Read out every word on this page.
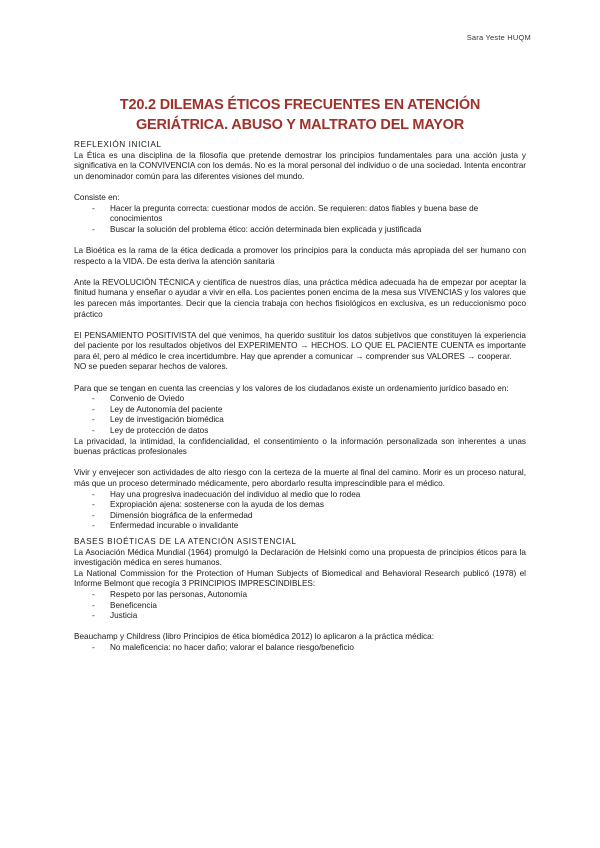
Sara Yeste HUQM
T20.2 DILEMAS ÉTICOS FRECUENTES EN ATENCIÓN GERIÁTRICA. ABUSO Y MALTRATO DEL MAYOR
REFLEXIÓN INICIAL

La Ética es una disciplina de la filosofía que pretende demostrar los principios fundamentales para una acción justa y significativa en la CONVIVENCIA con los demás. No es la moral personal del individuo o de una sociedad. Intenta encontrar un denominador común para las diferentes visiones del mundo.

Consiste en:

- Hacer la pregunta correcta: cuestionar modos de acción. Se requieren: datos fiables y buena base de conocimientos
- Buscar la solución del problema ético: acción determinada bien explicada y justificada

La Bioética es la rama de la ética dedicada a promover los principios para la conducta más apropiada del ser humano con respecto a la VIDA. De esta deriva la atención sanitaria

Ante la REVOLUCIÓN TÉCNICA y científica de nuestros días, una práctica médica adecuada ha de empezar por aceptar la finitud humana y enseñar o ayudar a vivir en ella. Los pacientes ponen encima de la mesa sus VIVENCIAS y los valores que les parecen más importantes. Decir que la ciencia trabaja con hechos fisiológicos en exclusiva, es un reduccionismo poco práctico

El PENSAMIENTO POSITIVISTA del que venimos, ha querido sustituir los datos subjetivos que constituyen la experiencia del paciente por los resultados objetivos del EXPERIMENTO → HECHOS. LO QUE EL PACIENTE CUENTA es importante para él, pero al médico le crea incertidumbre. Hay que aprender a comunicar → comprender sus VALORES → cooperar.

NO se pueden separar hechos de valores.

Para que se tengan en cuenta las creencias y los valores de los ciudadanos existe un ordenamiento jurídico basado en:

- Convenio de Oviedo
- Ley de Autonomía del paciente
- Ley de investigación biomédica
- Ley de protección de datos

La privacidad, la intimidad, la confidencialidad, el consentimiento o la información personalizada son inherentes a unas buenas prácticas profesionales

Vivir y envejecer son actividades de alto riesgo con la certeza de la muerte al final del camino. Morir es un proceso natural, más que un proceso determinado médicamente, pero abordarlo resulta imprescindible para el médico.

- Hay una progresiva inadecuación del individuo al medio que lo rodea
- Expropiación ajena: sostenerse con la ayuda de los demas
- Dimensión biográfica de la enfermedad
- Enfermedad incurable o invalidante
BASES BIOÉTICAS DE LA ATENCIÓN ASISTENCIAL

La Asociación Médica Mundial (1964) promulgó la Declaración de Helsinki como una propuesta de principios éticos para la investigación médica en seres humanos.

La National Commission for the Protection of Human Subjects of Biomedical and Behavioral Research publicó (1978) el Informe Belmont que recogía 3 PRINCIPIOS IMPRESCINDIBLES:

- Respeto por las personas, Autonomía
- Beneficencia
- Justicia

Beauchamp y Childress (libro Principios de ética biomédica 2012) lo aplicaron a la práctica médica:

- No maleficencia: no hacer daño; valorar el balance riesgo/beneficio
